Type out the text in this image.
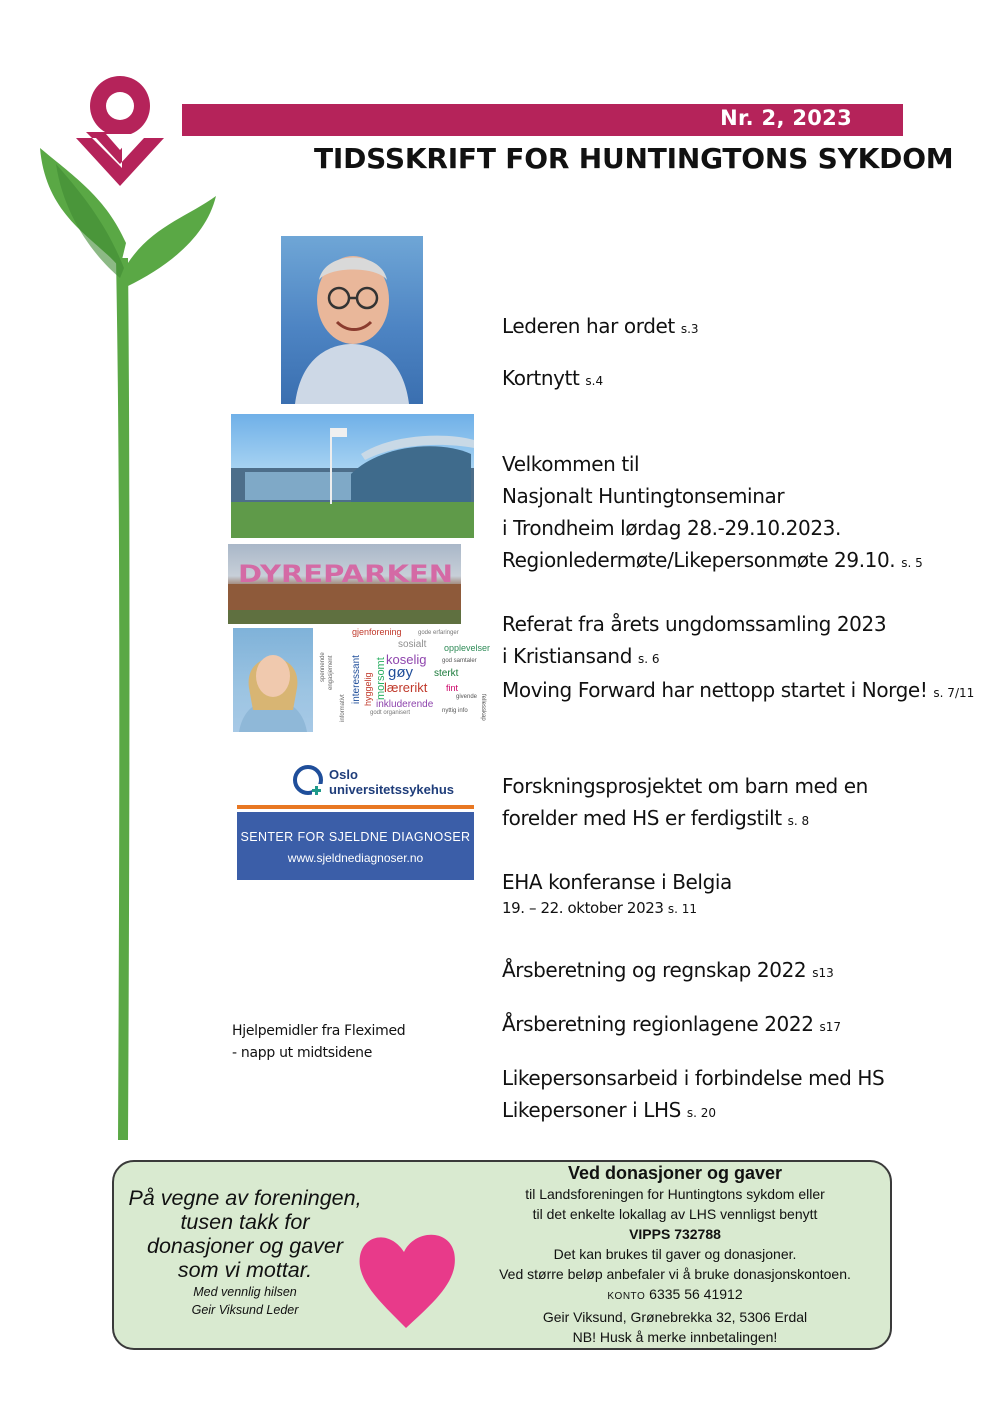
Nr. 2, 2023
TIDSSKRIFT FOR HUNTINGTONS SYKDOM
DYREPARKEN
gjenforening	gode erfaringer
sosialt opplevelser
koselig	god samtaler
gøy sterkt
lærerikt
inkluderende
morsomt
interessant hyggelig	fint
givende
engasjement
spennende
nyttig info
informativt	godt organisert	fellesskap
Oslo universitetssykehus
SENTER FOR SJELDNE DIAGNOSER
www.sjeldnediagnoser.no
Lederen har ordet s.3
Kortnytt s.4
Velkommen til
Nasjonalt Huntingtonseminar
i Trondheim lørdag 28.-29.10.2023.
Regionledermøte/Likepersonmøte 29.10. s. 5
Referat fra årets ungdomssamling 2023
i Kristiansand s. 6
Moving Forward har nettopp startet i Norge! s. 7/11
Forskningsprosjektet om barn med en
forelder med HS er ferdigstilt s. 8
EHA konferanse i Belgia
19. – 22. oktober 2023 s. 11
Årsberetning og regnskap 2022 s13
Årsberetning regionlagene 2022 s17
Likepersonsarbeid i forbindelse med HS
Likepersoner i LHS s. 20
Hjelpemidler fra Fleximed
- napp ut midtsidene
På vegne av foreningen,
tusen takk for
donasjoner og gaver
som vi mottar.
Med vennlig hilsen
Geir Viksund Leder
Ved donasjoner og gaver
til Landsforeningen for Huntingtons sykdom eller
til det enkelte lokallag av LHS vennligst benytt
VIPPS 732788
Det kan brukes til gaver og donasjoner.
Ved større beløp anbefaler vi å bruke donasjonskontoen.
KONTO 6335 56 41912
Geir Viksund, Grønebrekka 32, 5306 Erdal
NB! Husk å merke innbetalingen!
